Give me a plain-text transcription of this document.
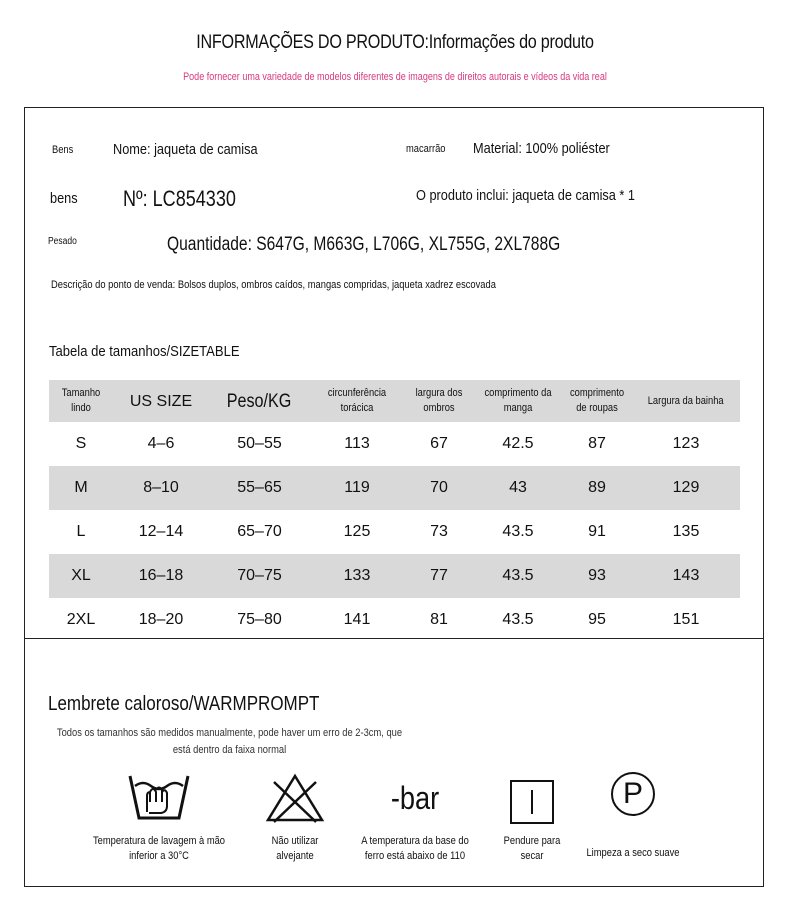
INFORMAÇÕES DO PRODUTO:Informações do produto
Pode fornecer uma variedade de modelos diferentes de imagens de direitos autorais e vídeos da vida real
Bens	Nome: jaqueta de camisa	macarrão Material: 100% poliéster
bens Nº: LC854330	O produto inclui: jaqueta de camisa * 1
Pesado	Quantidade: S647G, M663G, L706G, XL755G, 2XL788G
Descrição do ponto de venda: Bolsos duplos, ombros caídos, mangas compridas, jaqueta xadrez escovada
Tabela de tamanhos/SIZETABLE
Tamanho lindo	US SIZE	Peso/KG	circunferência torácica	largura dos ombros	comprimento da manga	comprimento de roupas	Largura da bainha
S	4–6	50–55	113	67	42.5	87	123
M	8–10	55–65	119	70	43	89	129
L	12–14	65–70	125	73	43.5	91	135
XL	16–18	70–75	133	77	43.5	93	143
2XL	18–20	75–80	141	81	43.5	95	151
Lembrete caloroso/WARMPROMPT
Todos os tamanhos são medidos manualmente, pode haver um erro de 2-3cm, que está dentro da faixa normal
Temperatura de lavagem à mão inferior a 30°C
Não utilizar alvejante
-bar
A temperatura da base do ferro está abaixo de 110
Pendure para secar
P
Limpeza a seco suave
